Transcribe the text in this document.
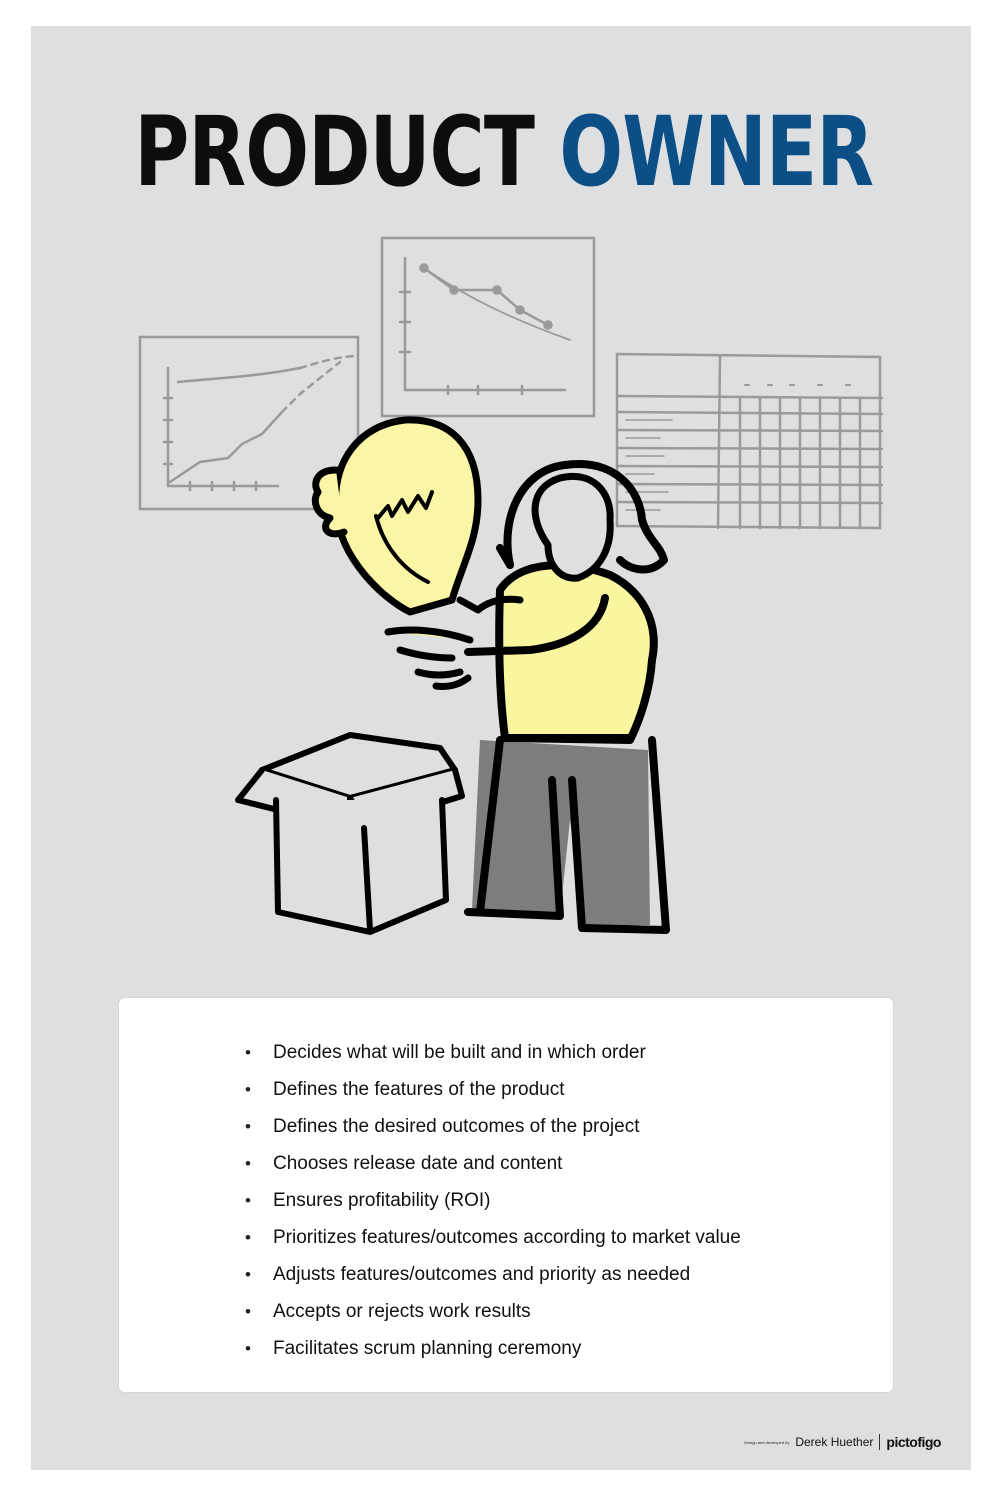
PRODUCT OWNER
• Decides what will be built and in which order
• Defines the features of the product
• Defines the desired outcomes of the project
• Chooses release date and content
• Ensures profitability (ROI)
• Prioritizes features/outcomes according to market value
• Adjusts features/outcomes and priority as needed
• Accepts or rejects work results
• Facilitates scrum planning ceremony
Design and developed by Derek Huether pictofigo
